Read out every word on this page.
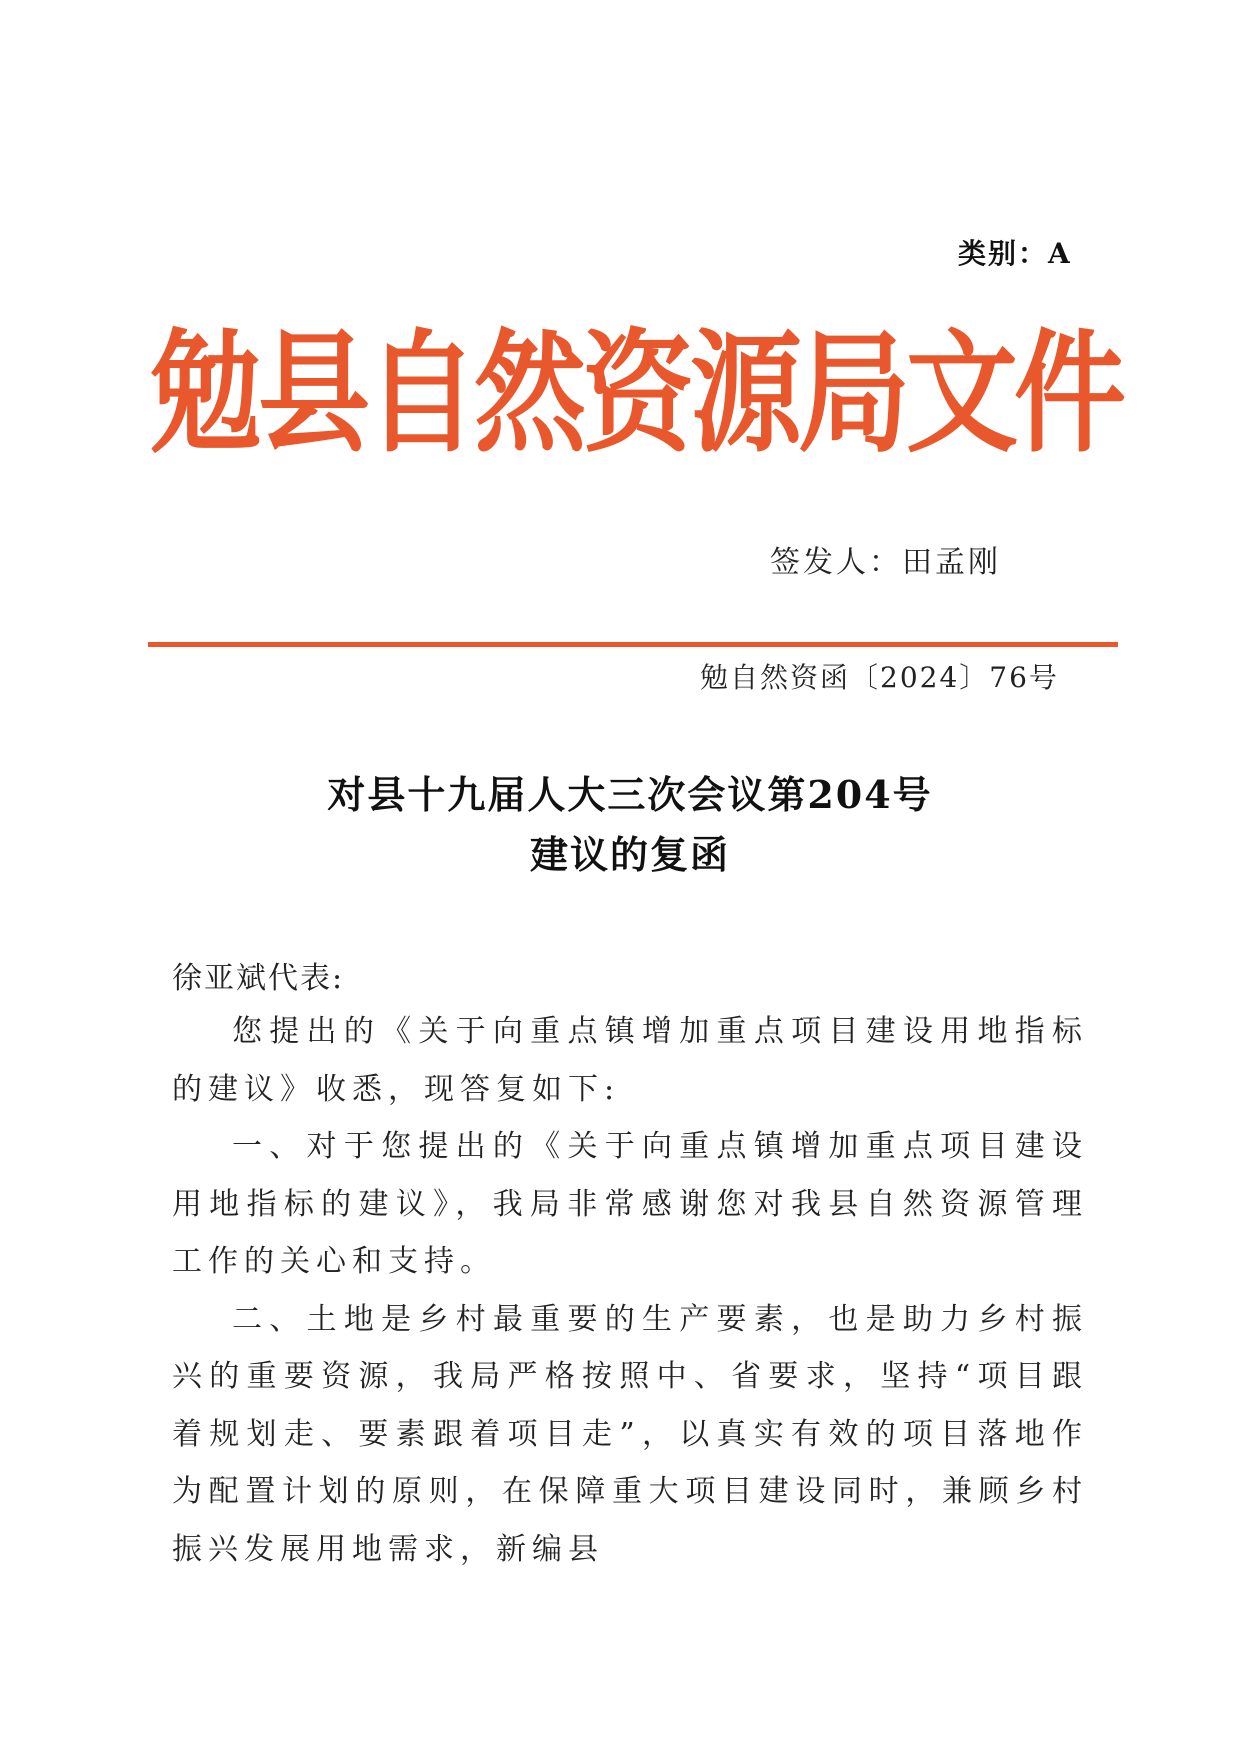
类别：A
勉县自然资源局文件
签发人：田孟刚
勉自然资函〔2024〕76号
对县十九届人大三次会议第204号
建议的复函
徐亚斌代表:

您提出的《关于向重点镇增加重点项目建设用地指标的建议》收悉，现答复如下:

一、对于您提出的《关于向重点镇增加重点项目建设用地指标的建议》，我局非常感谢您对我县自然资源管理工作的关心和支持。

二、土地是乡村最重要的生产要素，也是助力乡村振兴的重要资源，我局严格按照中、省要求，坚持“项目跟着规划走、要素跟着项目走”，以真实有效的项目落地作为配置计划的原则，在保障重大项目建设同时，兼顾乡村振兴发展用地需求，新编县
